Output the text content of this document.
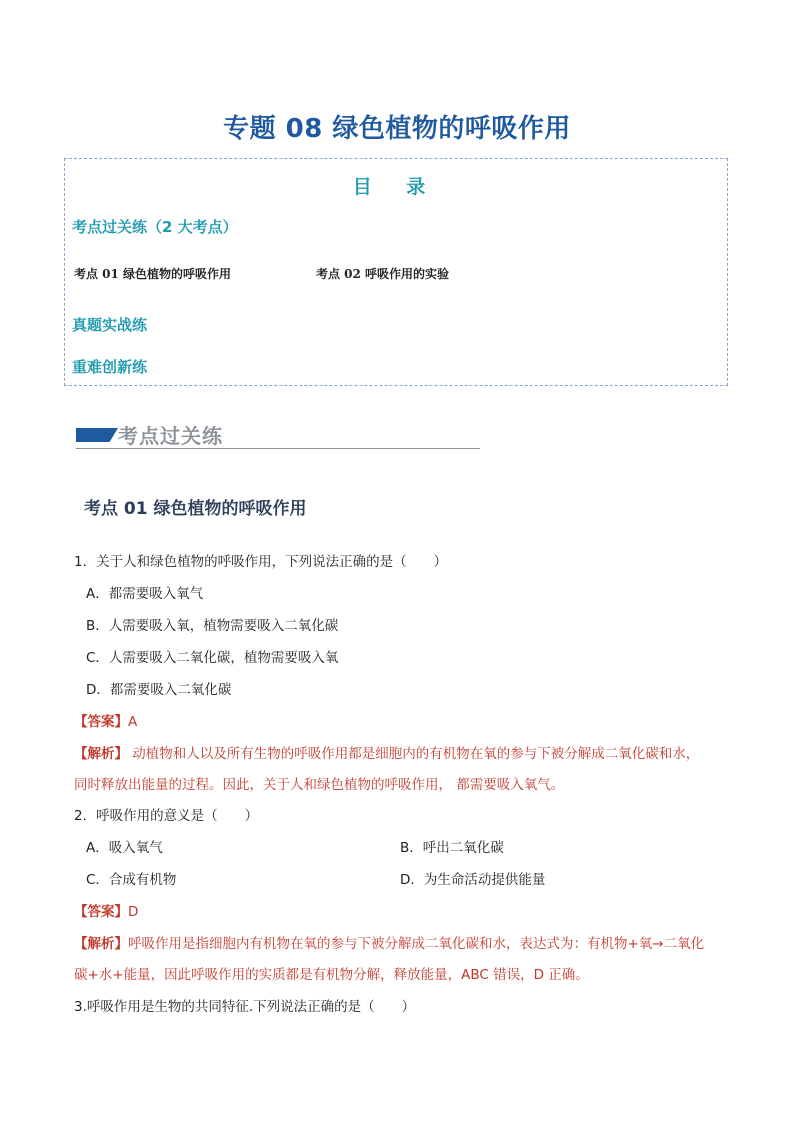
专题 08 绿色植物的呼吸作用
目 录
考点过关练（2 大考点）
考点 01 绿色植物的呼吸作用	考点 02 呼吸作用的实验
真题实战练
重难创新练
考点过关练
考点 01 绿色植物的呼吸作用
1．关于人和绿色植物的呼吸作用，下列说法正确的是（　　）
A．都需要吸入氧气
B．人需要吸入氧，植物需要吸入二氧化碳
C．人需要吸入二氧化碳，植物需要吸入氧
D．都需要吸入二氧化碳
【答案】A
【解析】 动植物和人以及所有生物的呼吸作用都是细胞内的有机物在氧的参与下被分解成二氧化碳和水，
同时释放出能量的过程。因此，关于人和绿色植物的呼吸作用， 都需要吸入氧气。
2．呼吸作用的意义是（　　）
A．吸入氧气	B．呼出二氧化碳
C．合成有机物	D．为生命活动提供能量
【答案】D
【解析】呼吸作用是指细胞内有机物在氧的参与下被分解成二氧化碳和水，表达式为：有机物+氧→二氧化
碳+水+能量，因此呼吸作用的实质都是有机物分解，释放能量，ABC 错误，D 正确。
3.呼吸作用是生物的共同特征.下列说法正确的是（　　）
